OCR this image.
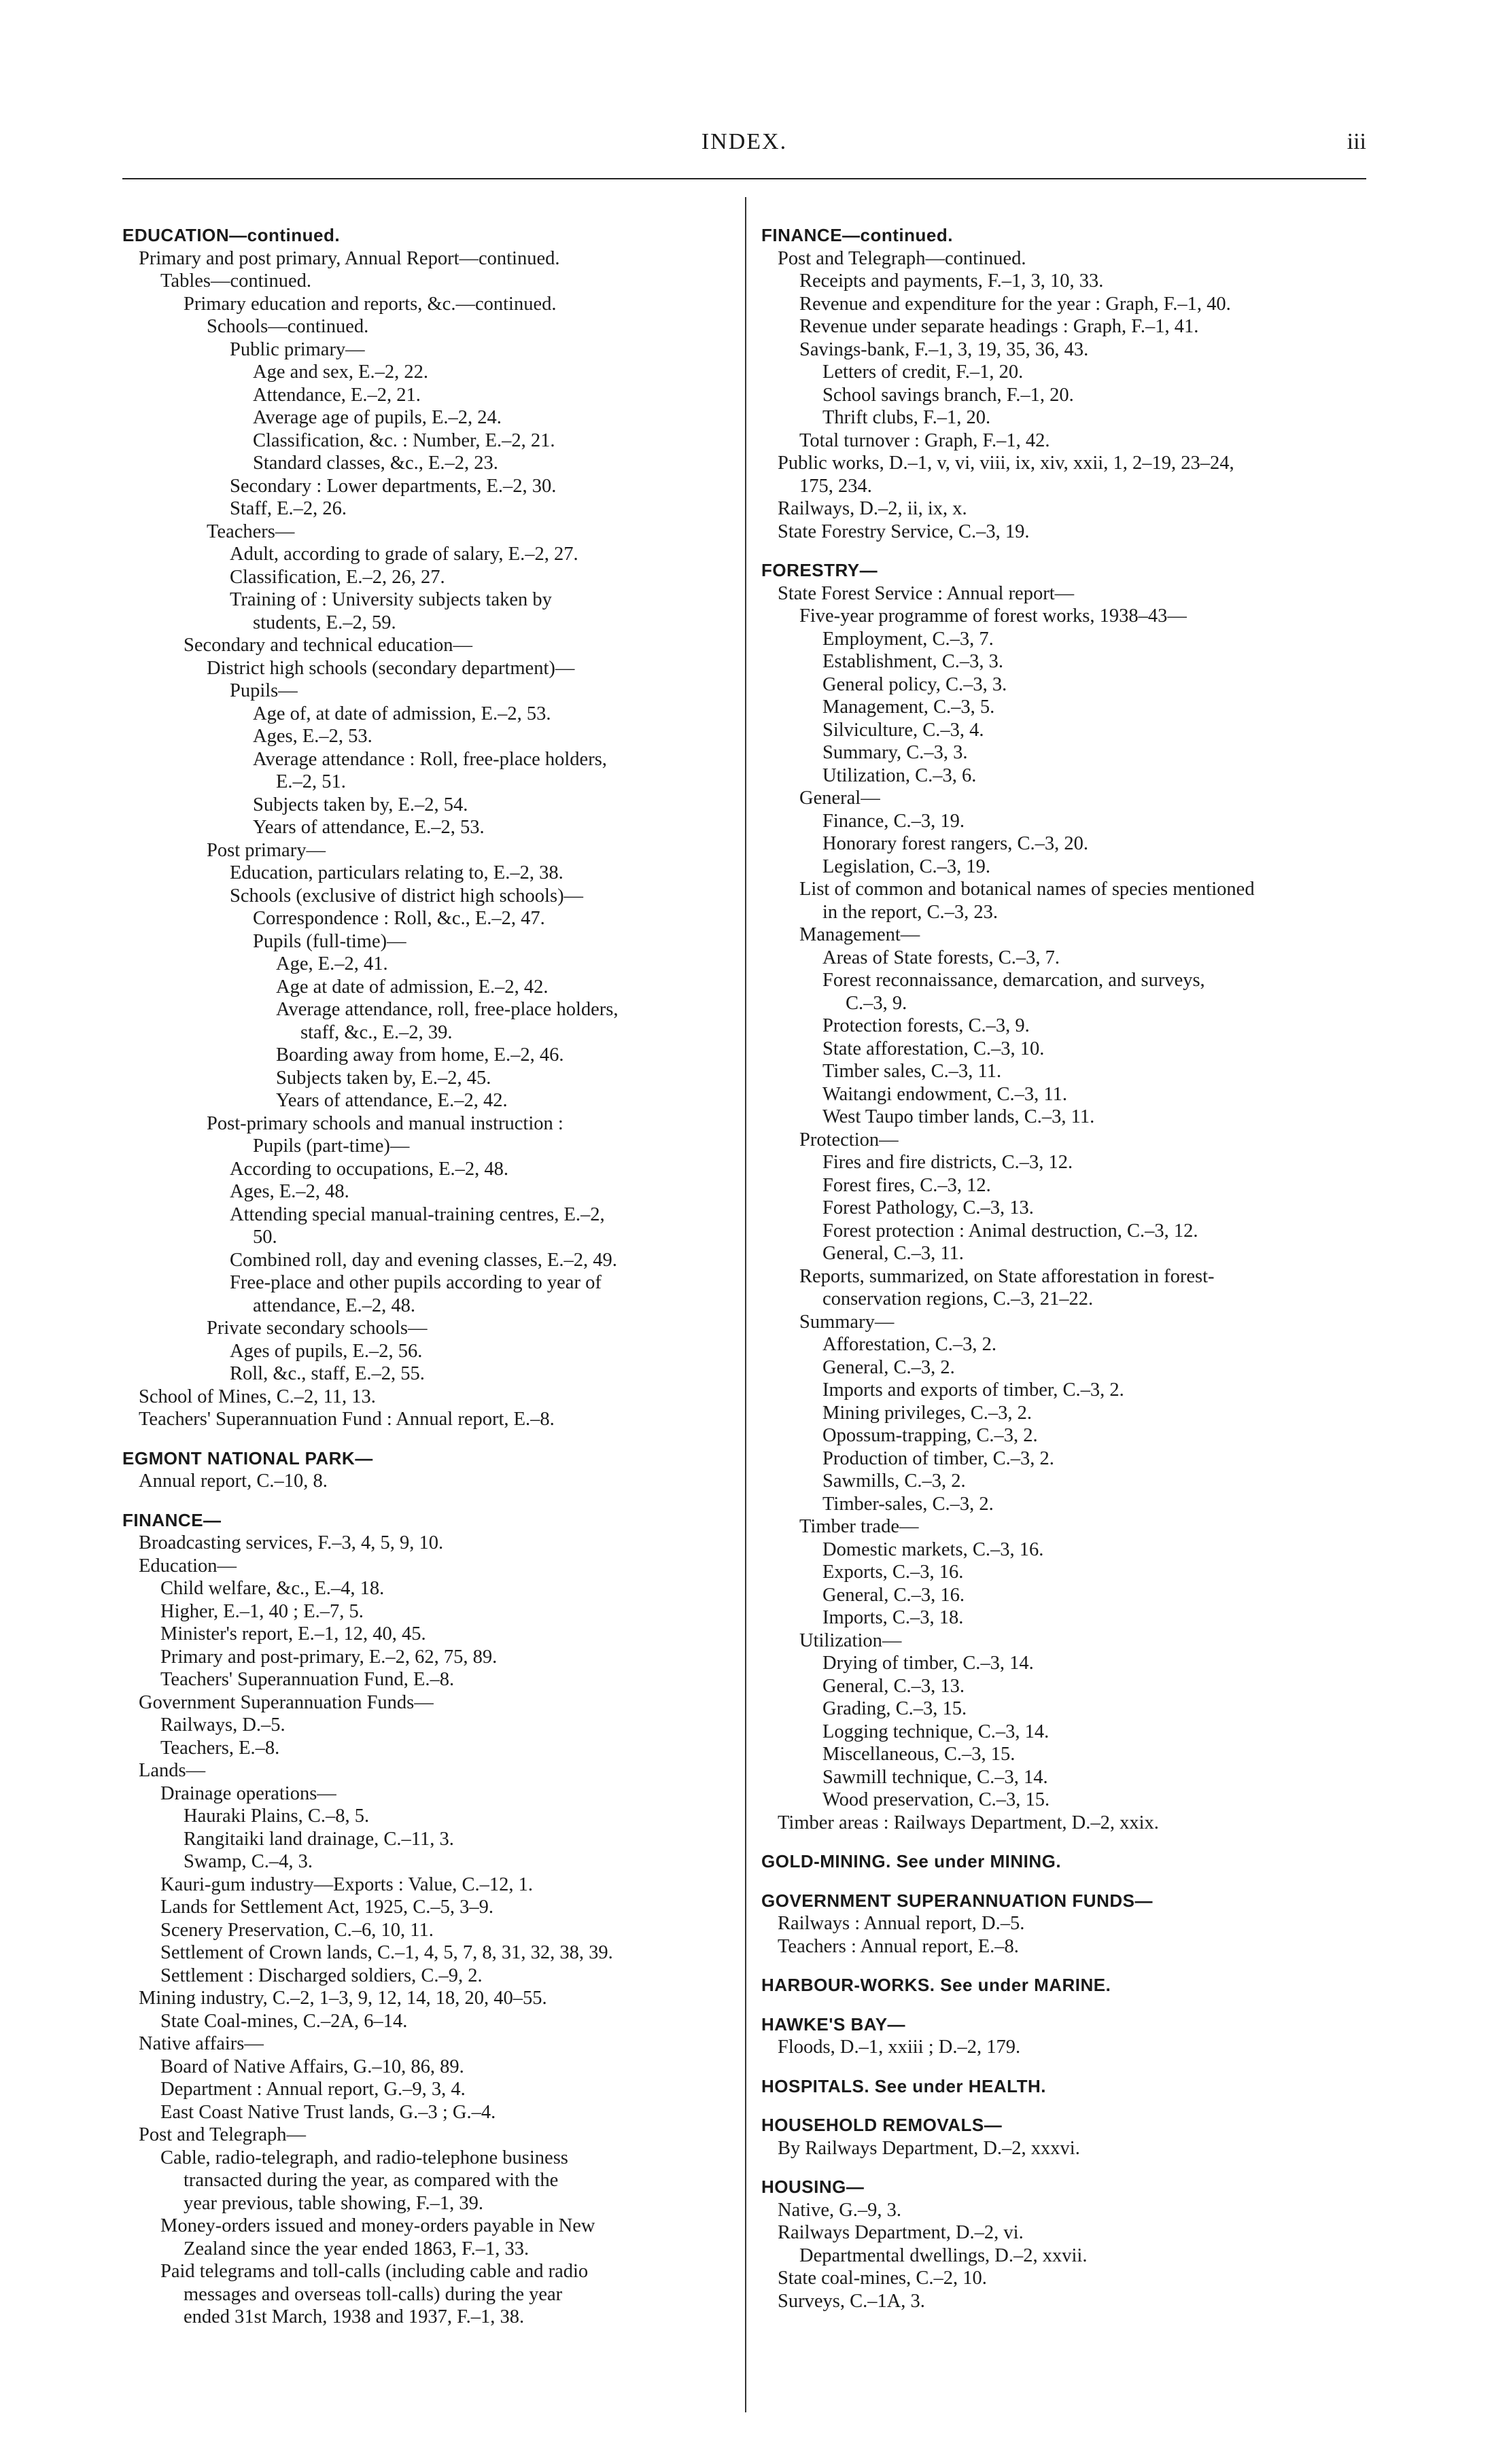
INDEX.	iii
EDUCATION—continued.
Primary and post primary, Annual Report—continued.
Tables—continued.
Primary education and reports, &c.—continued.
Schools—continued.
Public primary—
Age and sex, E.–2, 22.
Attendance, E.–2, 21.
Average age of pupils, E.–2, 24.
Classification, &c. : Number, E.–2, 21.
Standard classes, &c., E.–2, 23.
Secondary : Lower departments, E.–2, 30.
Staff, E.–2, 26.
Teachers—
Adult, according to grade of salary, E.–2, 27.
Classification, E.–2, 26, 27.
Training of : University subjects taken by
students, E.–2, 59.
Secondary and technical education—
District high schools (secondary department)—
Pupils—
Age of, at date of admission, E.–2, 53.
Ages, E.–2, 53.
Average attendance : Roll, free-place holders,
E.–2, 51.
Subjects taken by, E.–2, 54.
Years of attendance, E.–2, 53.
Post primary—
Education, particulars relating to, E.–2, 38.
Schools (exclusive of district high schools)—
Correspondence : Roll, &c., E.–2, 47.
Pupils (full-time)—
Age, E.–2, 41.
Age at date of admission, E.–2, 42.
Average attendance, roll, free-place holders,
staff, &c., E.–2, 39.
Boarding away from home, E.–2, 46.
Subjects taken by, E.–2, 45.
Years of attendance, E.–2, 42.
Post-primary schools and manual instruction :
Pupils (part-time)—
According to occupations, E.–2, 48.
Ages, E.–2, 48.
Attending special manual-training centres, E.–2,
50.
Combined roll, day and evening classes, E.–2, 49.
Free-place and other pupils according to year of
attendance, E.–2, 48.
Private secondary schools—
Ages of pupils, E.–2, 56.
Roll, &c., staff, E.–2, 55.
School of Mines, C.–2, 11, 13.
Teachers' Superannuation Fund : Annual report, E.–8.
EGMONT NATIONAL PARK—
Annual report, C.–10, 8.
FINANCE—
Broadcasting services, F.–3, 4, 5, 9, 10.
Education—
Child welfare, &c., E.–4, 18.
Higher, E.–1, 40 ; E.–7, 5.
Minister's report, E.–1, 12, 40, 45.
Primary and post-primary, E.–2, 62, 75, 89.
Teachers' Superannuation Fund, E.–8.
Government Superannuation Funds—
Railways, D.–5.
Teachers, E.–8.
Lands—
Drainage operations—
Hauraki Plains, C.–8, 5.
Rangitaiki land drainage, C.–11, 3.
Swamp, C.–4, 3.
Kauri-gum industry—Exports : Value, C.–12, 1.
Lands for Settlement Act, 1925, C.–5, 3–9.
Scenery Preservation, C.–6, 10, 11.
Settlement of Crown lands, C.–1, 4, 5, 7, 8, 31, 32, 38, 39.
Settlement : Discharged soldiers, C.–9, 2.
Mining industry, C.–2, 1–3, 9, 12, 14, 18, 20, 40–55.
State Coal-mines, C.–2A, 6–14.
Native affairs—
Board of Native Affairs, G.–10, 86, 89.
Department : Annual report, G.–9, 3, 4.
East Coast Native Trust lands, G.–3 ; G.–4.
Post and Telegraph—
Cable, radio-telegraph, and radio-telephone business
transacted during the year, as compared with the
year previous, table showing, F.–1, 39.
Money-orders issued and money-orders payable in New
Zealand since the year ended 1863, F.–1, 33.
Paid telegrams and toll-calls (including cable and radio
messages and overseas toll-calls) during the year
ended 31st March, 1938 and 1937, F.–1, 38.
FINANCE—continued.
Post and Telegraph—continued.
Receipts and payments, F.–1, 3, 10, 33.
Revenue and expenditure for the year : Graph, F.–1, 40.
Revenue under separate headings : Graph, F.–1, 41.
Savings-bank, F.–1, 3, 19, 35, 36, 43.
Letters of credit, F.–1, 20.
School savings branch, F.–1, 20.
Thrift clubs, F.–1, 20.
Total turnover : Graph, F.–1, 42.
Public works, D.–1, v, vi, viii, ix, xiv, xxii, 1, 2–19, 23–24,
175, 234.
Railways, D.–2, ii, ix, x.
State Forestry Service, C.–3, 19.
FORESTRY—
State Forest Service : Annual report—
Five-year programme of forest works, 1938–43—
Employment, C.–3, 7.
Establishment, C.–3, 3.
General policy, C.–3, 3.
Management, C.–3, 5.
Silviculture, C.–3, 4.
Summary, C.–3, 3.
Utilization, C.–3, 6.
General—
Finance, C.–3, 19.
Honorary forest rangers, C.–3, 20.
Legislation, C.–3, 19.
List of common and botanical names of species mentioned
in the report, C.–3, 23.
Management—
Areas of State forests, C.–3, 7.
Forest reconnaissance, demarcation, and surveys,
C.–3, 9.
Protection forests, C.–3, 9.
State afforestation, C.–3, 10.
Timber sales, C.–3, 11.
Waitangi endowment, C.–3, 11.
West Taupo timber lands, C.–3, 11.
Protection—
Fires and fire districts, C.–3, 12.
Forest fires, C.–3, 12.
Forest Pathology, C.–3, 13.
Forest protection : Animal destruction, C.–3, 12.
General, C.–3, 11.
Reports, summarized, on State afforestation in forest-
conservation regions, C.–3, 21–22.
Summary—
Afforestation, C.–3, 2.
General, C.–3, 2.
Imports and exports of timber, C.–3, 2.
Mining privileges, C.–3, 2.
Opossum-trapping, C.–3, 2.
Production of timber, C.–3, 2.
Sawmills, C.–3, 2.
Timber-sales, C.–3, 2.
Timber trade—
Domestic markets, C.–3, 16.
Exports, C.–3, 16.
General, C.–3, 16.
Imports, C.–3, 18.
Utilization—
Drying of timber, C.–3, 14.
General, C.–3, 13.
Grading, C.–3, 15.
Logging technique, C.–3, 14.
Miscellaneous, C.–3, 15.
Sawmill technique, C.–3, 14.
Wood preservation, C.–3, 15.
Timber areas : Railways Department, D.–2, xxix.
GOLD-MINING. See under MINING.
GOVERNMENT SUPERANNUATION FUNDS—
Railways : Annual report, D.–5.
Teachers : Annual report, E.–8.
HARBOUR-WORKS. See under MARINE.
HAWKE'S BAY—
Floods, D.–1, xxiii ; D.–2, 179.
HOSPITALS. See under HEALTH.
HOUSEHOLD REMOVALS—
By Railways Department, D.–2, xxxvi.
HOUSING—
Native, G.–9, 3.
Railways Department, D.–2, vi.
Departmental dwellings, D.–2, xxvii.
State coal-mines, C.–2, 10.
Surveys, C.–1A, 3.
